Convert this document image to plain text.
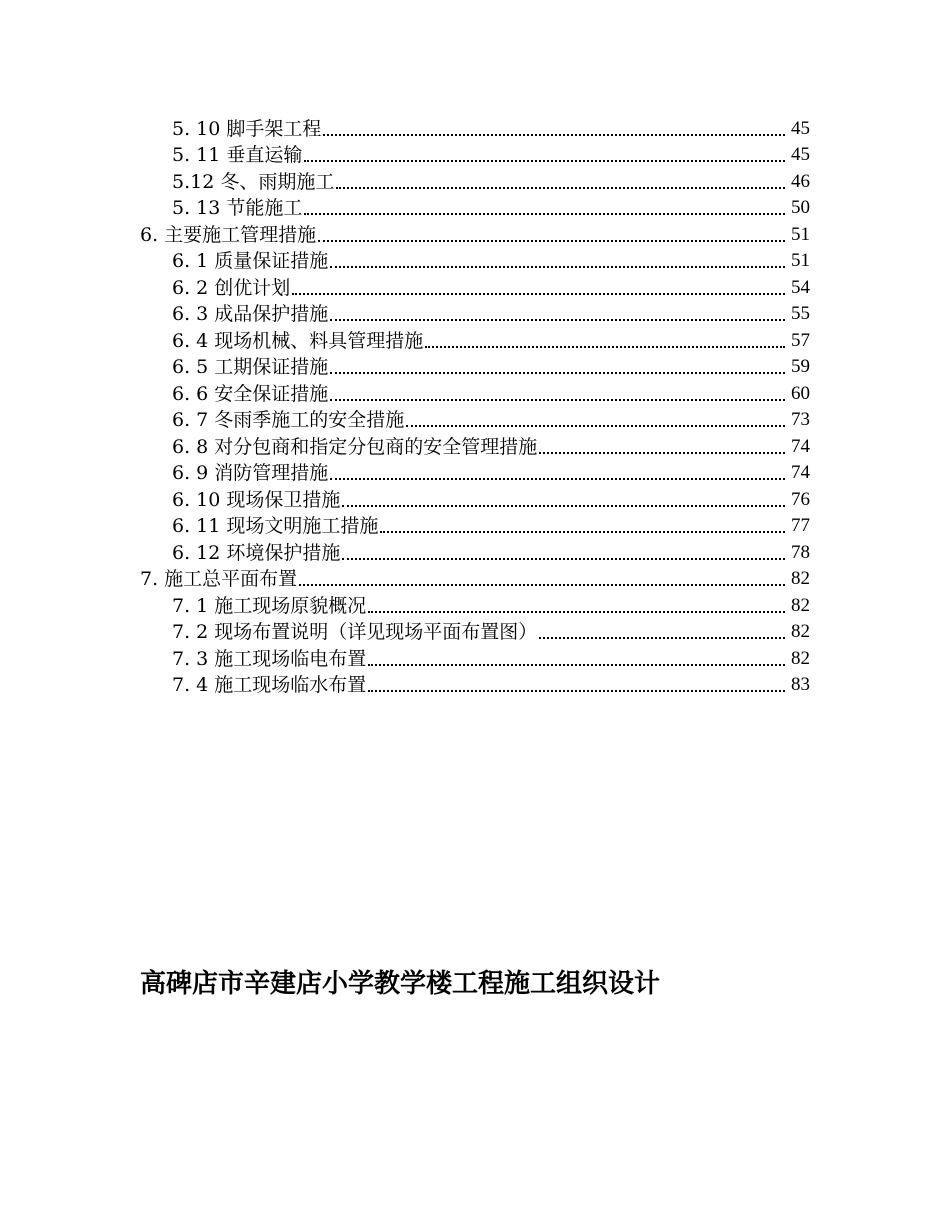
5. 10 脚手架工程	45
5. 11 垂直运输	45
5.12 冬、雨期施工	46
5. 13 节能施工	50
6. 主要施工管理措施	51
6. 1 质量保证措施	51
6. 2 创优计划	54
6. 3 成品保护措施	55
6. 4 现场机械、料具管理措施	57
6. 5 工期保证措施	59
6. 6 安全保证措施	60
6. 7 冬雨季施工的安全措施	73
6. 8 对分包商和指定分包商的安全管理措施	74
6. 9 消防管理措施	74
6. 10 现场保卫措施	76
6. 11 现场文明施工措施	77
6. 12 环境保护措施	78
7. 施工总平面布置	82
7. 1 施工现场原貌概况	82
7. 2 现场布置说明（详见现场平面布置图）	82
7. 3 施工现场临电布置	82
7. 4 施工现场临水布置	83
高碑店市辛建店小学教学楼工程施工组织设计
